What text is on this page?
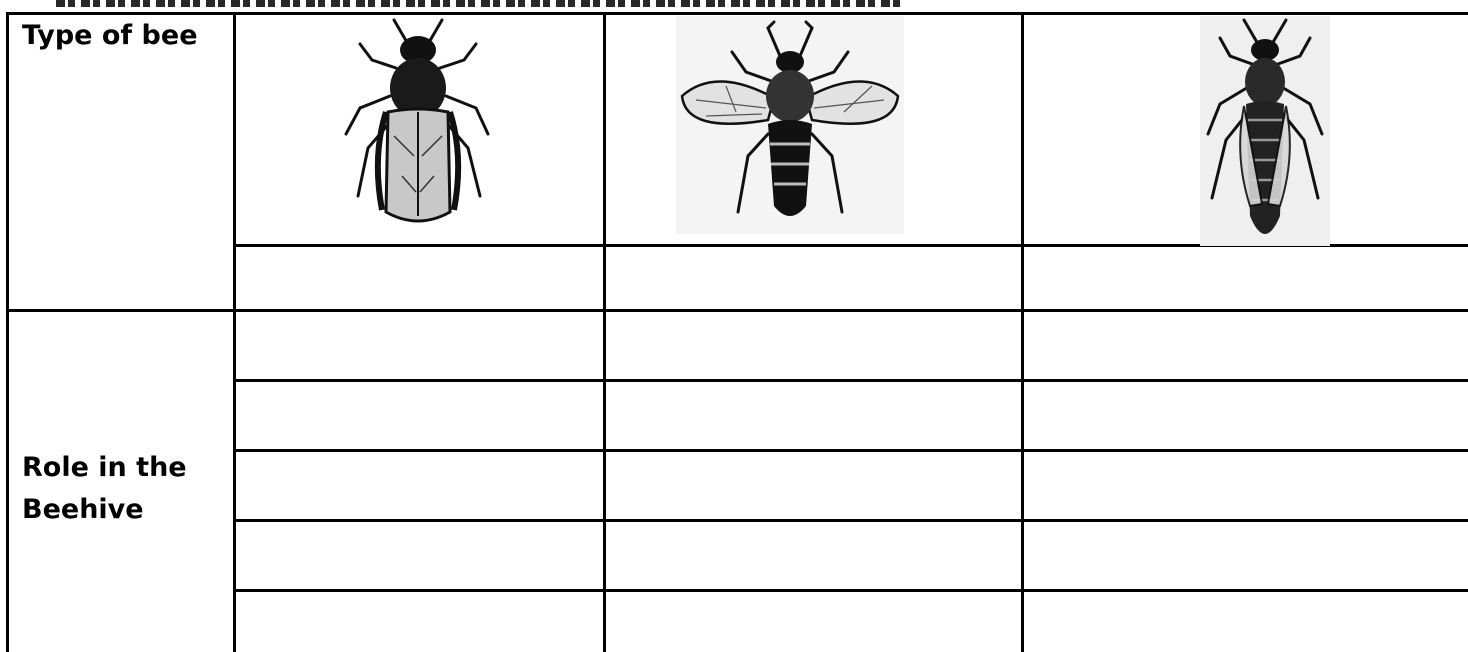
Type of bee
Role in the
Beehive
